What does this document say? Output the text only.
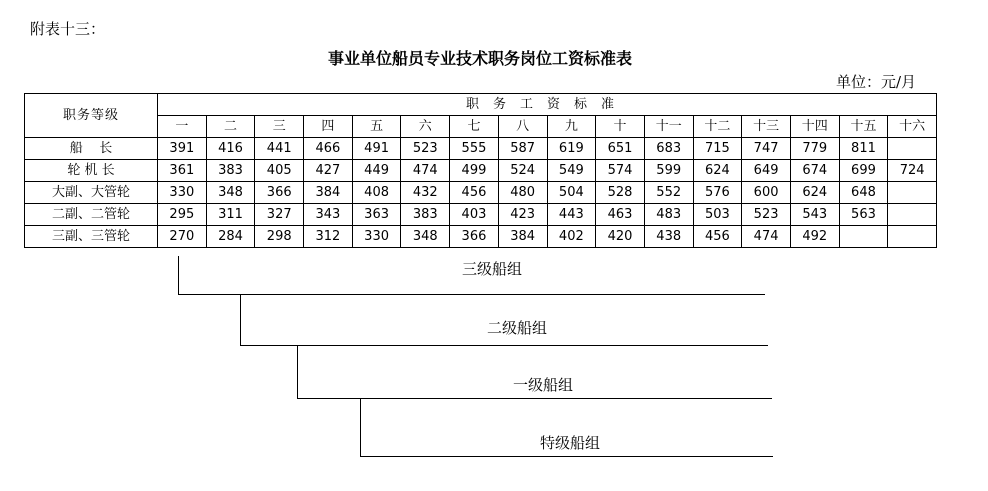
附表十三：
事业单位船员专业技术职务岗位工资标准表
单位：元/月
职务等级	职务工资标准															
	一	二	三	四	五	六	七	八	九	十	十一	十二	十三	十四	十五	十六
船    长	391	416	441	466	491	523	555	587	619	651	683	715	747	779	811	
轮 机 长	361	383	405	427	449	474	499	524	549	574	599	624	649	674	699	724
大副、大管轮	330	348	366	384	408	432	456	480	504	528	552	576	600	624	648	
二副、二管轮	295	311	327	343	363	383	403	423	443	463	483	503	523	543	563	
三副、三管轮	270	284	298	312	330	348	366	384	402	420	438	456	474	492		
三级船组
二级船组
一级船组
特级船组
